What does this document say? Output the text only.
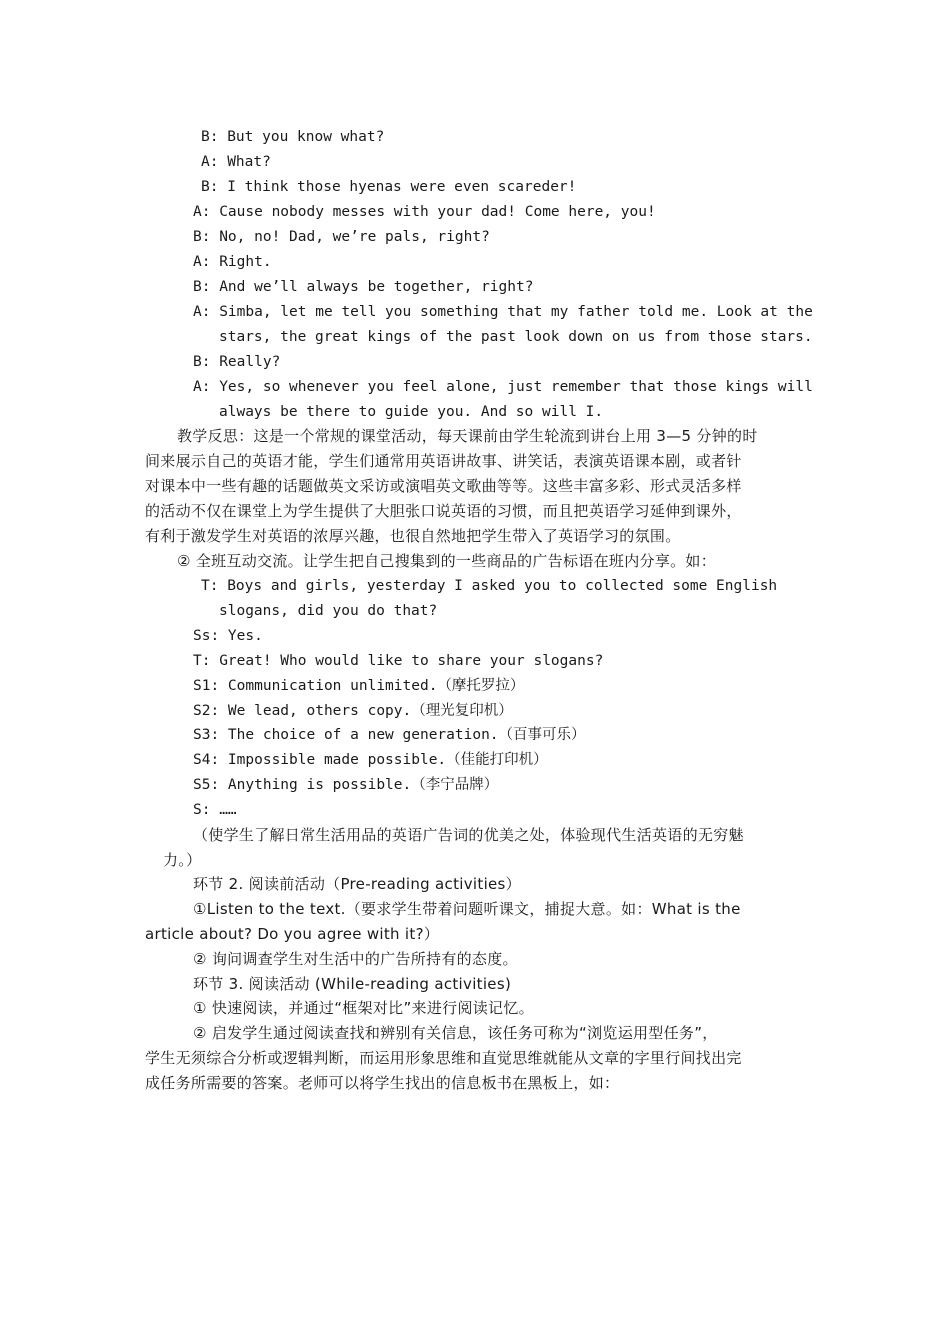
B: But you know what?
A: What?
B: I think those hyenas were even scareder!
A: Cause nobody messes with your dad! Come here, you!
B: No, no! Dad, we’re pals, right?
A: Right.
B: And we’ll always be together, right?
A: Simba, let me tell you something that my father told me. Look at the
stars, the great kings of the past look down on us from those stars.
B: Really?
A: Yes, so whenever you feel alone, just remember that those kings will
always be there to guide you. And so will I.
教学反思：这是一个常规的课堂活动，每天课前由学生轮流到讲台上用 3—5 分钟的时
间来展示自己的英语才能，学生们通常用英语讲故事、讲笑话，表演英语课本剧，或者针
对课本中一些有趣的话题做英文采访或演唱英文歌曲等等。这些丰富多彩、形式灵活多样
的活动不仅在课堂上为学生提供了大胆张口说英语的习惯，而且把英语学习延伸到课外，
有利于激发学生对英语的浓厚兴趣，也很自然地把学生带入了英语学习的氛围。
② 全班互动交流。让学生把自己搜集到的一些商品的广告标语在班内分享。如：
T: Boys and girls, yesterday I asked you to collected some English
slogans, did you do that?
Ss: Yes.
T: Great! Who would like to share your slogans?
S1: Communication unlimited.（摩托罗拉）
S2: We lead, others copy.（理光复印机）
S3: The choice of a new generation.（百事可乐）
S4: Impossible made possible.（佳能打印机）
S5: Anything is possible.（李宁品牌）
S: ……
（使学生了解日常生活用品的英语广告词的优美之处，体验现代生活英语的无穷魅
力。）
环节 2. 阅读前活动（Pre-reading activities）
①Listen to the text.（要求学生带着问题听课文，捕捉大意。如：What is the
article about? Do you agree with it?）
② 询问调查学生对生活中的广告所持有的态度。
环节 3. 阅读活动 (While-reading activities)
① 快速阅读，并通过“框架对比”来进行阅读记忆。
② 启发学生通过阅读查找和辨别有关信息，该任务可称为“浏览运用型任务”，
学生无须综合分析或逻辑判断，而运用形象思维和直觉思维就能从文章的字里行间找出完
成任务所需要的答案。老师可以将学生找出的信息板书在黑板上，如：
